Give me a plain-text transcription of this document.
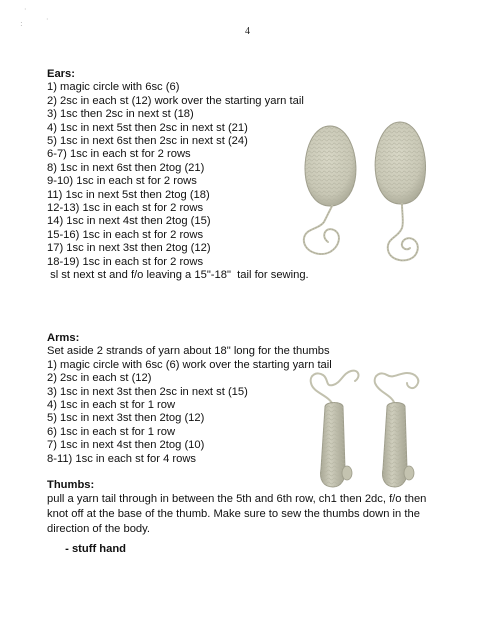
·
:	·
4
Ears:
1) magic circle with 6sc (6)
2) 2sc in each st (12) work over the starting yarn tail
3) 1sc then 2sc in next st (18)
4) 1sc in next 5st then 2sc in next st (21)
5) 1sc in next 6st then 2sc in next st (24)
6-7) 1sc in each st for 2 rows
8) 1sc in next 6st then 2tog (21)
9-10) 1sc in each st for 2 rows
11) 1sc in next 5st then 2tog (18)
12-13) 1sc in each st for 2 rows
14) 1sc in next 4st then 2tog (15)
15-16) 1sc in each st for 2 rows
17) 1sc in next 3st then 2tog (12)
18-19) 1sc in each st for 2 rows
sl st next st and f/o leaving a 15"-18"  tail for sewing.
Arms:
Set aside 2 strands of yarn about 18" long for the thumbs
1) magic circle with 6sc (6) work over the starting yarn tail
2) 2sc in each st (12)
3) 1sc in next 3st then 2sc in next st (15)
4) 1sc in each st for 1 row
5) 1sc in next 3st then 2tog (12)
6) 1sc in each st for 1 row
7) 1sc in next 4st then 2tog (10)
8-11) 1sc in each st for 4 rows
Thumbs:
pull a yarn tail through in between the 5th and 6th row, ch1 then 2dc, f/o then knot off at the base of the thumb. Make sure to sew the thumbs down in the direction of the body.
- stuff hand
